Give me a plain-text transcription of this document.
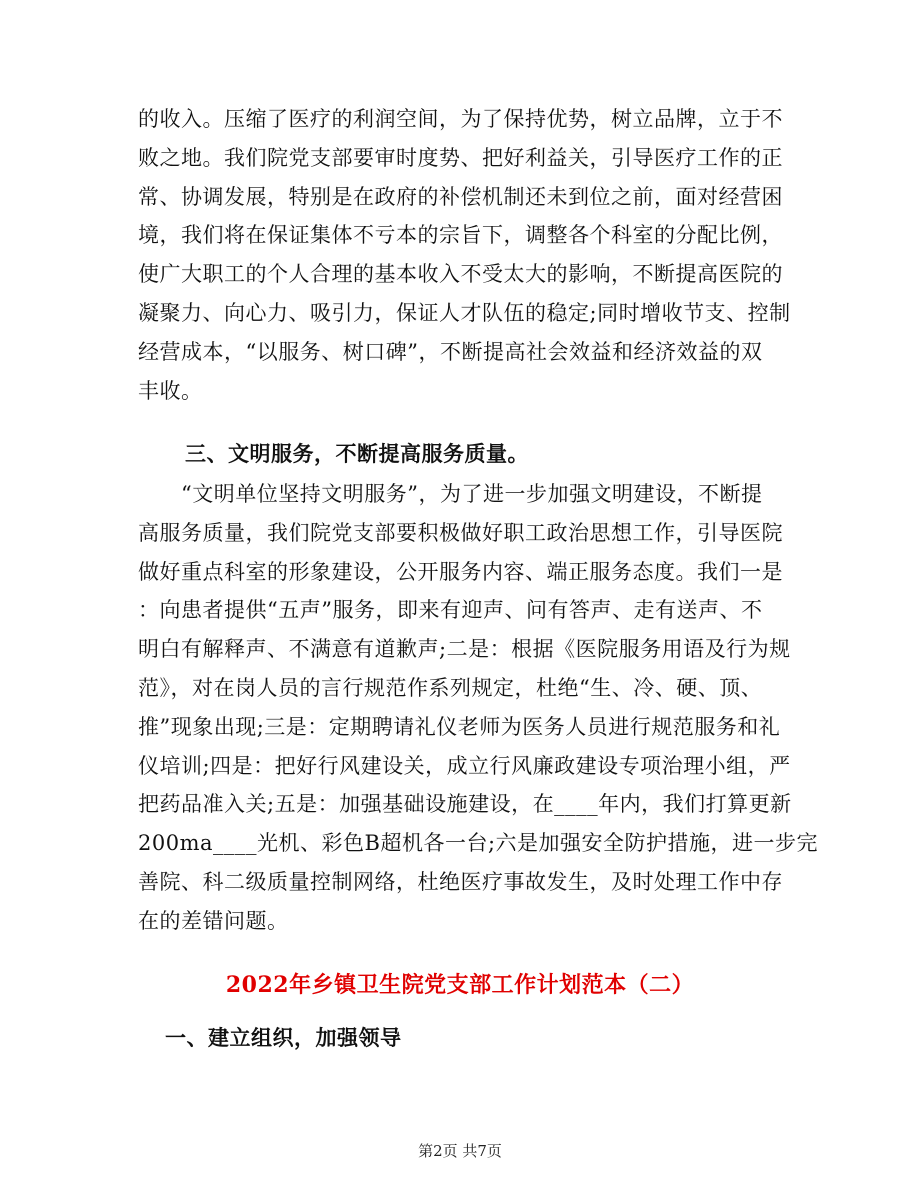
的收入。压缩了医疗的利润空间，为了保持优势，树立品牌，立于不
败之地。我们院党支部要审时度势、把好利益关，引导医疗工作的正
常、协调发展，特别是在政府的补偿机制还未到位之前，面对经营困
境，我们将在保证集体不亏本的宗旨下，调整各个科室的分配比例，
使广大职工的个人合理的基本收入不受太大的影响，不断提高医院的
凝聚力、向心力、吸引力，保证人才队伍的稳定;同时增收节支、控制
经营成本，“以服务、树口碑”，不断提高社会效益和经济效益的双
丰收。
三、文明服务，不断提高服务质量。
　　“文明单位坚持文明服务”，为了进一步加强文明建设，不断提
高服务质量，我们院党支部要积极做好职工政治思想工作，引导医院
做好重点科室的形象建设，公开服务内容、端正服务态度。我们一是
：向患者提供“五声”服务，即来有迎声、问有答声、走有送声、不
明白有解释声、不满意有道歉声;二是：根据《医院服务用语及行为规
范》，对在岗人员的言行规范作系列规定，杜绝“生、冷、硬、顶、
推”现象出现;三是：定期聘请礼仪老师为医务人员进行规范服务和礼
仪培训;四是：把好行风建设关，成立行风廉政建设专项治理小组，严
把药品准入关;五是：加强基础设施建设，在____年内，我们打算更新
200ma____光机、彩色B超机各一台;六是加强安全防护措施，进一步完
善院、科二级质量控制网络，杜绝医疗事故发生，及时处理工作中存
在的差错问题。
2022年乡镇卫生院党支部工作计划范本（二）
一、建立组织，加强领导
第2页 共7页
